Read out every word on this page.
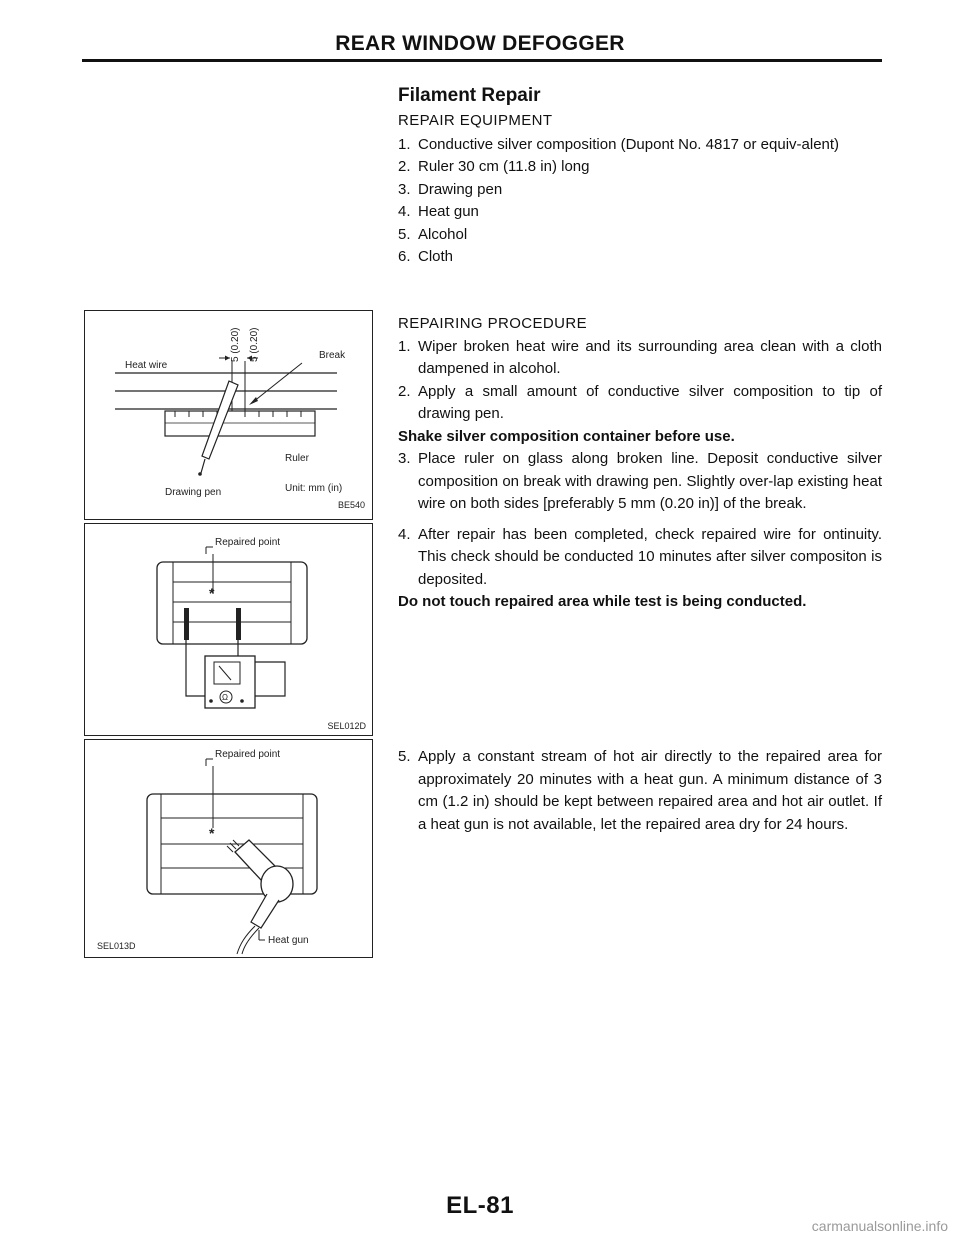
REAR WINDOW DEFOGGER
Filament Repair
REPAIR EQUIPMENT
1. Conductive silver composition (Dupont No. 4817 or equiv-alent)
2. Ruler 30 cm (11.8 in) long
3. Drawing pen
4. Heat gun
5. Alcohol
6. Cloth
REPAIRING PROCEDURE
1. Wiper broken heat wire and its surrounding area clean with a cloth dampened in alcohol.
2. Apply a small amount of conductive silver composition to tip of drawing pen.
Shake silver composition container before use.
3. Place ruler on glass along broken line. Deposit conductive silver composition on break with drawing pen. Slightly over-lap existing heat wire on both sides [preferably 5 mm (0.20 in)] of the break.
4. After repair has been completed, check repaired wire for ontinuity. This check should be conducted 10 minutes after silver compositon is deposited.
Do not touch repaired area while test is being conducted.
5. Apply a constant stream of hot air directly to the repaired area for approximately 20 minutes with a heat gun. A minimum distance of 3 cm (1.2 in) should be kept between repaired area and hot air outlet. If a heat gun is not available, let the repaired area dry for 24 hours.
5 (0.20) 5 (0.20)
Heat wire
Break
Ruler
Drawing pen	Unit: mm (in)
BE540
*
Ω
Repaired point
SEL012D
*
Repaired point
Heat gun
SEL013D
EL-81
carmanualsonline.info
